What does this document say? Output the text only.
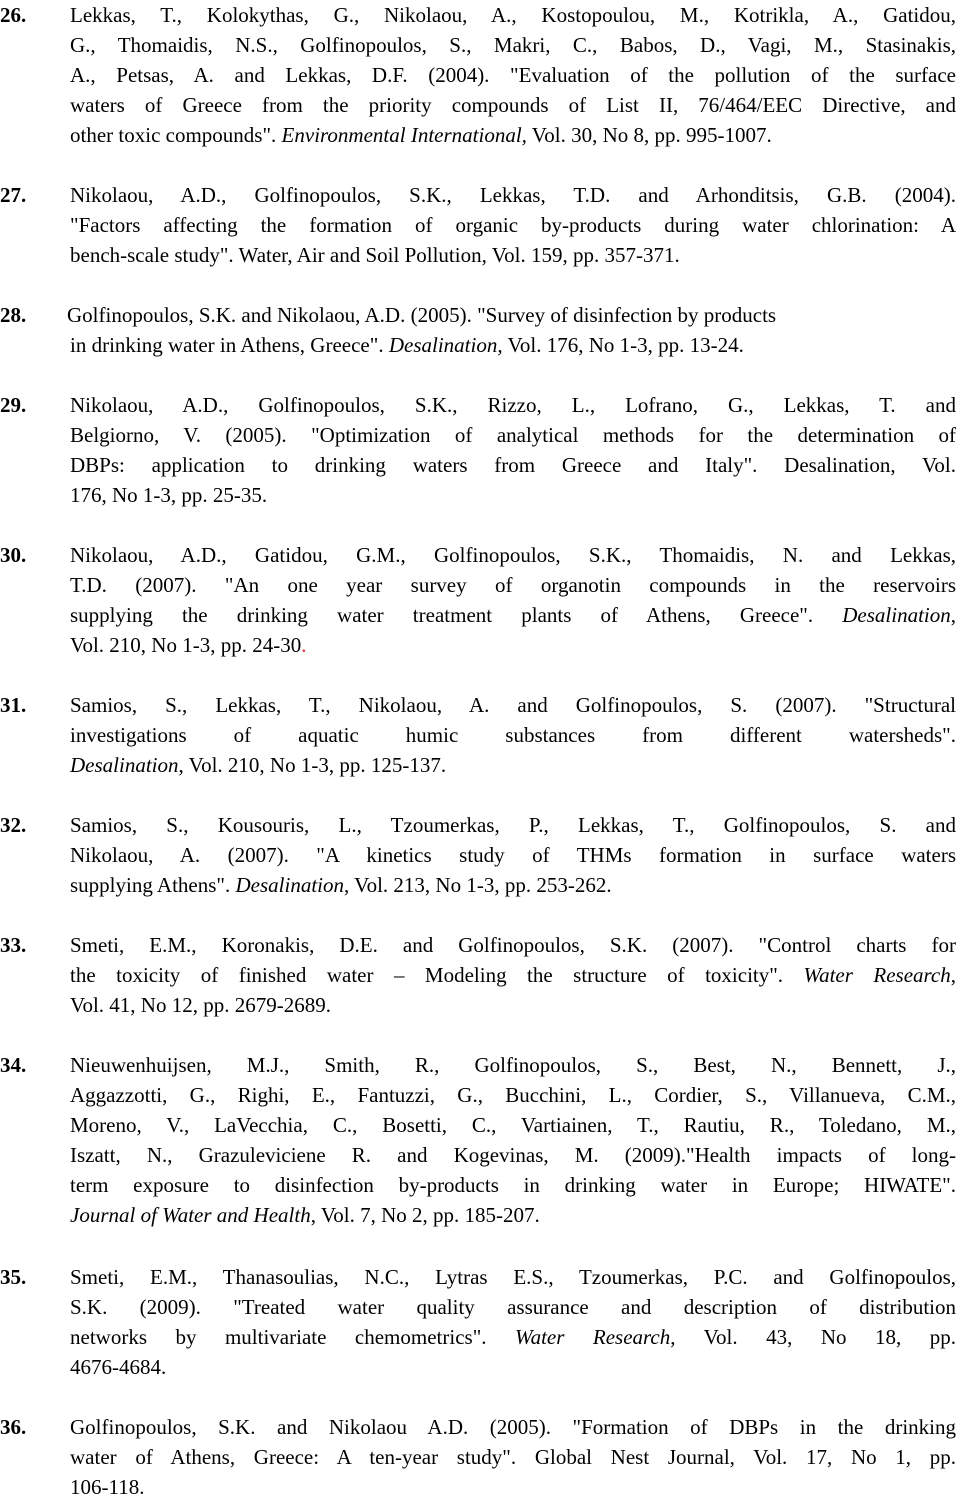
26. Lekkas, T., Kolokythas, G., Nikolaou, A., Kostopoulou, M., Kotrikla, A., Gatidou,
G., Thomaidis, N.S., Golfinopoulos, S., Makri, C., Babos, D., Vagi, M., Stasinakis,
A., Petsas, A. and Lekkas, D.F. (2004). "Evaluation of the pollution of the surface
waters of Greece from the priority compounds of List II, 76/464/EEC Directive, and
other toxic compounds". Environmental International, Vol. 30, No 8, pp. 995-1007.
27. Nikolaou, A.D., Golfinopoulos, S.K., Lekkas, T.D. and Arhonditsis, G.B. (2004).
"Factors affecting the formation of organic by-products during water chlorination: A
bench-scale study". Water, Air and Soil Pollution, Vol. 159, pp. 357-371.
28. Golfinopoulos, S.K. and Nikolaou, A.D. (2005). "Survey of disinfection by products
in drinking water in Athens, Greece". Desalination, Vol. 176, No 1-3, pp. 13-24.
29. Nikolaou, A.D., Golfinopoulos, S.K., Rizzo, L., Lofrano, G., Lekkas, T. and
Belgiorno, V. (2005). "Optimization of analytical methods for the determination of
DBPs: application to drinking waters from Greece and Italy". Desalination, Vol.
176, No 1-3, pp. 25-35.
30. Nikolaou, A.D., Gatidou, G.M., Golfinopoulos, S.K., Thomaidis, N. and Lekkas,
T.D. (2007). "An one year survey of organotin compounds in the reservoirs
supplying the drinking water treatment plants of Athens, Greece". Desalination,
Vol. 210, No 1-3, pp. 24-30.
31. Samios, S., Lekkas, T., Nikolaou, A. and Golfinopoulos, S. (2007). "Structural
investigations of aquatic humic substances from different watersheds".
Desalination, Vol. 210, No 1-3, pp. 125-137.
32. Samios, S., Kousouris, L., Tzoumerkas, P., Lekkas, T., Golfinopoulos, S. and
Nikolaou, A. (2007). "A kinetics study of THMs formation in surface waters
supplying Athens". Desalination, Vol. 213, No 1-3, pp. 253-262.
33. Smeti, E.M., Koronakis, D.E. and Golfinopoulos, S.K. (2007). "Control charts for
the toxicity of finished water – Modeling the structure of toxicity". Water Research,
Vol. 41, No 12, pp. 2679-2689.
34. Nieuwenhuijsen, M.J., Smith, R., Golfinopoulos, S., Best, N., Bennett, J.,
Aggazzotti, G., Righi, E., Fantuzzi, G., Bucchini, L., Cordier, S., Villanueva, C.M.,
Moreno, V., LaVecchia, C., Bosetti, C., Vartiainen, T., Rautiu, R., Toledano, M.,
Iszatt, N., Grazuleviciene R. and Kogevinas, M. (2009)."Health impacts of long-
term exposure to disinfection by-products in drinking water in Europe; HIWATE".
Journal of Water and Health, Vol. 7, No 2, pp. 185-207.
35. Smeti, E.M., Thanasoulias, N.C., Lytras E.S., Tzoumerkas, P.C. and Golfinopoulos,
S.K. (2009). "Treated water quality assurance and description of distribution
networks by multivariate chemometrics". Water Research, Vol. 43, No 18, pp.
4676-4684.
36. Golfinopoulos, S.K. and Nikolaou A.D. (2005). "Formation of DBPs in the drinking
water of Athens, Greece: A ten-year study". Global Nest Journal, Vol. 17, No 1, pp.
106-118.
